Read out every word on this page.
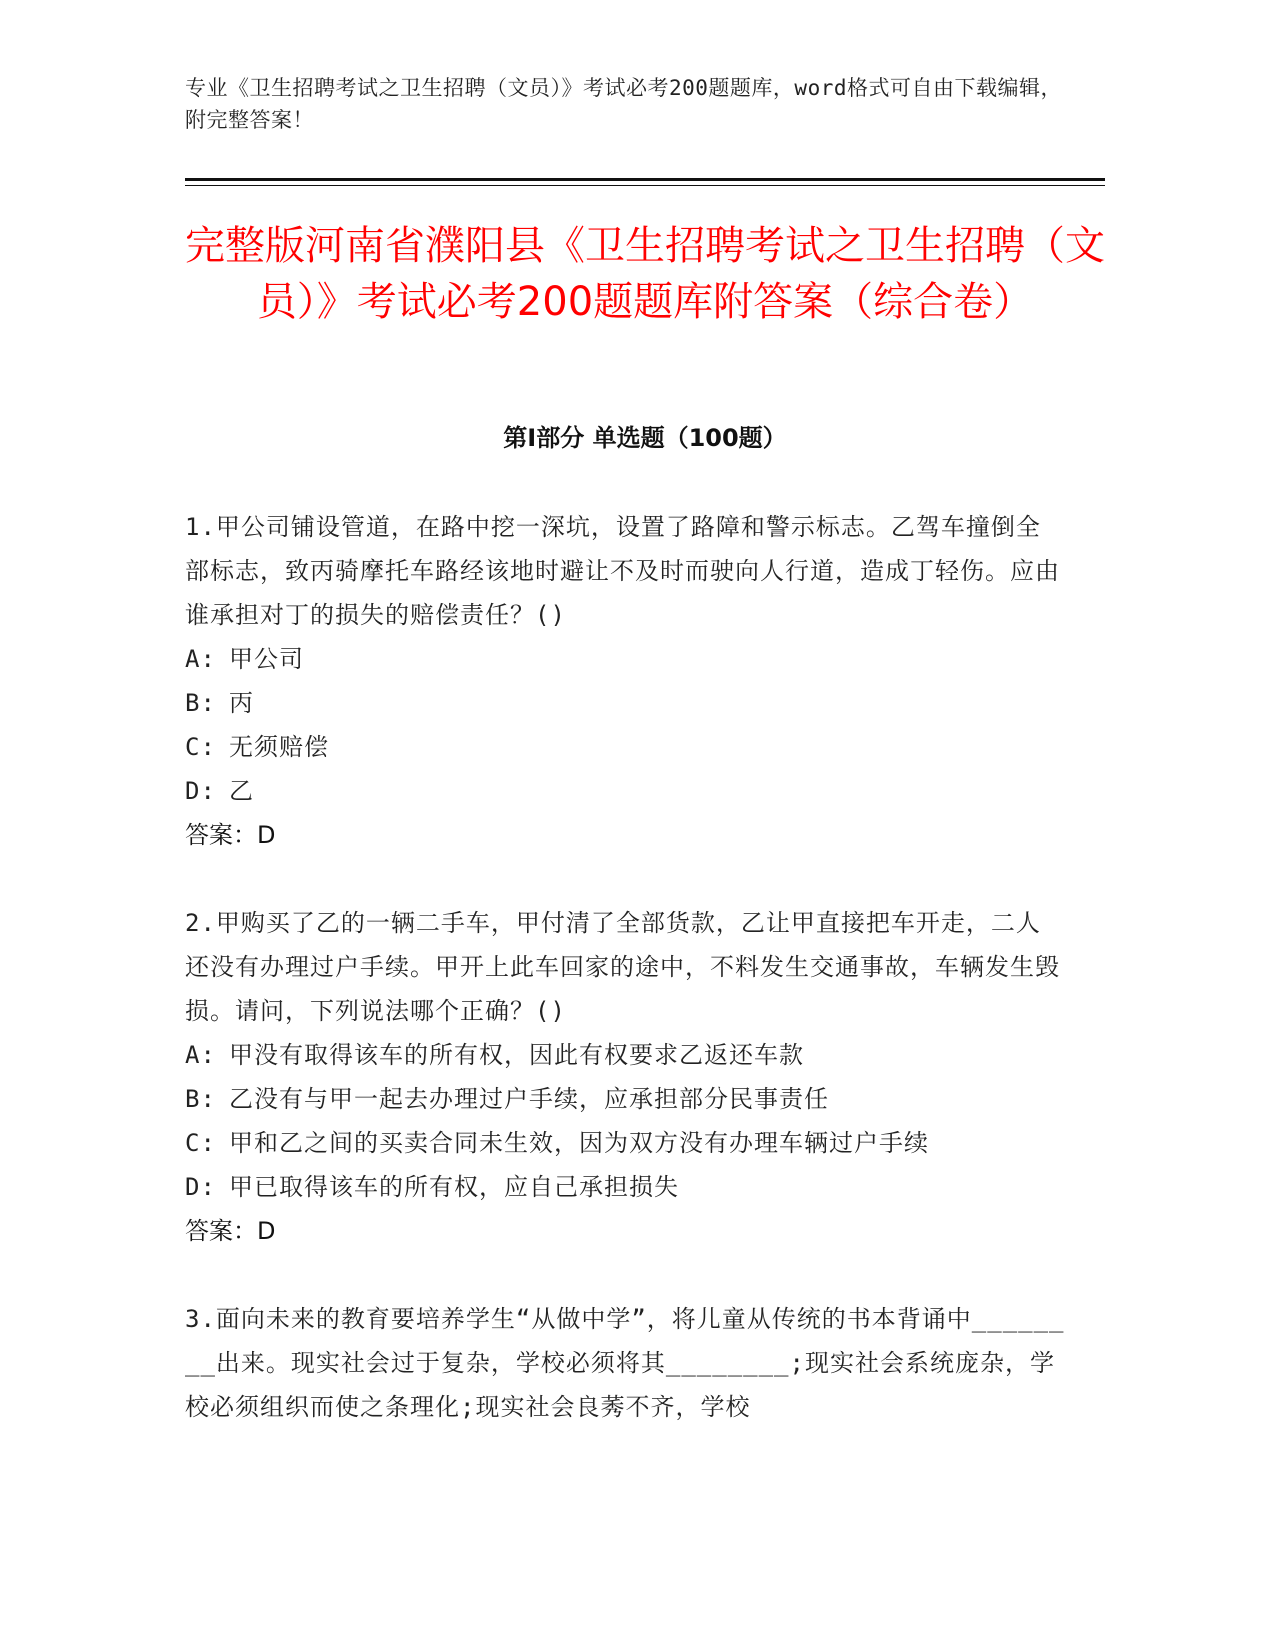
专业《卫生招聘考试之卫生招聘（文员）》考试必考200题题库，word格式可自由下载编辑，附完整答案！
完整版河南省濮阳县《卫生招聘考试之卫生招聘（文员）》考试必考200题题库附答案（综合卷）
第Ⅰ部分 单选题（100题）

1.甲公司铺设管道，在路中挖一深坑，设置了路障和警示标志。乙驾车撞倒全部标志，致丙骑摩托车路经该地时避让不及时而驶向人行道，造成丁轻伤。应由谁承担对丁的损失的赔偿责任？()

A: 甲公司

B: 丙

C: 无须赔偿

D: 乙

答案：D

2.甲购买了乙的一辆二手车，甲付清了全部货款，乙让甲直接把车开走，二人还没有办理过户手续。甲开上此车回家的途中，不料发生交通事故，车辆发生毁损。请问，下列说法哪个正确？()

A: 甲没有取得该车的所有权，因此有权要求乙返还车款

B: 乙没有与甲一起去办理过户手续，应承担部分民事责任

C: 甲和乙之间的买卖合同未生效，因为双方没有办理车辆过户手续

D: 甲已取得该车的所有权，应自己承担损失

答案：D

3.面向未来的教育要培养学生“从做中学”，将儿童从传统的书本背诵中________出来。现实社会过于复杂，学校必须将其________;现实社会系统庞杂，学校必须组织而使之条理化;现实社会良莠不齐，学校
